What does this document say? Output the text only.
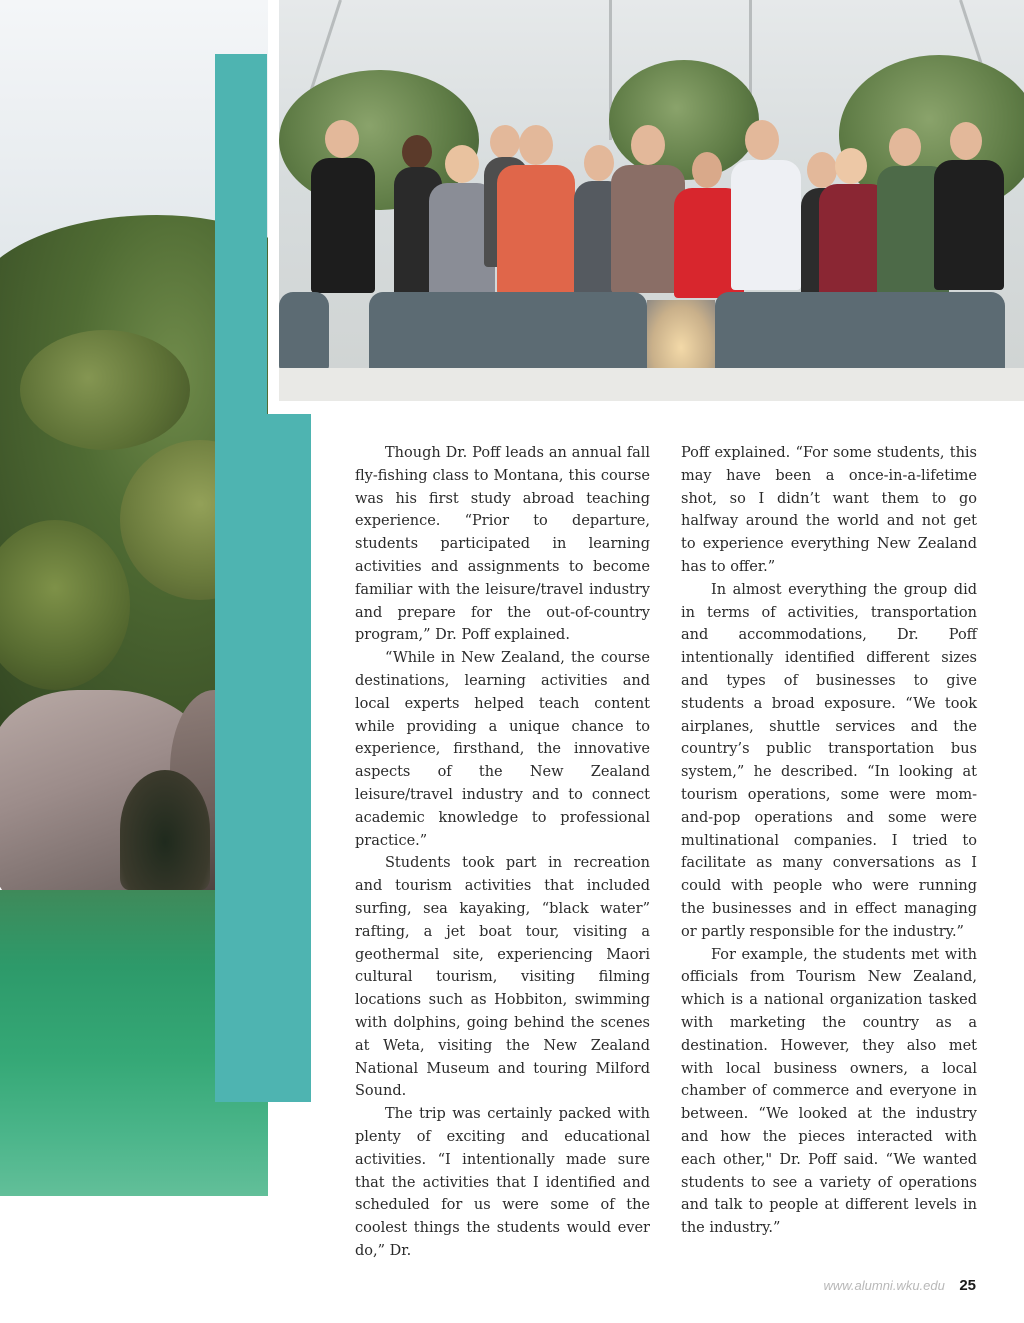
Though Dr. Poff leads an annual fall fly-fishing class to Montana, this course was his first study abroad teaching experience. “Prior to departure, students participated in learning activities and assignments to become familiar with the leisure/travel industry and prepare for the out-of-country program,” Dr. Poff explained.

“While in New Zealand, the course destinations, learning activities and local experts helped teach content while providing a unique chance to experience, firsthand, the innovative aspects of the New Zealand leisure/travel industry and to connect academic knowledge to professional practice.”

Students took part in recreation and tourism activities that included surfing, sea kayaking, “black water” rafting, a jet boat tour, visiting a geothermal site, experiencing Maori cultural tourism, visiting filming locations such as Hobbiton, swimming with dolphins, going behind the scenes at Weta, visiting the New Zealand National Museum and touring Milford Sound.

The trip was certainly packed with plenty of exciting and educational activities. “I intentionally made sure that the activities that I identified and scheduled for us were some of the coolest things the students would ever do,” Dr.

Poff explained. “For some students, this may have been a once-in-a-lifetime shot, so I didn’t want them to go halfway around the world and not get to experience everything New Zealand has to offer.”

In almost everything the group did in terms of activities, transportation and accommodations, Dr. Poff intentionally identified different sizes and types of businesses to give students a broad exposure. “We took airplanes, shuttle services and the country’s public transportation bus system,” he described. “In looking at tourism operations, some were mom-and-pop operations and some were multinational companies. I tried to facilitate as many conversations as I could with people who were running the businesses and in effect managing or partly responsible for the industry.”

For example, the students met with officials from Tourism New Zealand, which is a national organization tasked with marketing the country as a destination. However, they also met with local business owners, a local chamber of commerce and everyone in between. “We looked at the industry and how the pieces interacted with each other," Dr. Poff said. “We wanted students to see a variety of operations and talk to people at different levels in the industry.”

www.alumni.wku.edu 25
